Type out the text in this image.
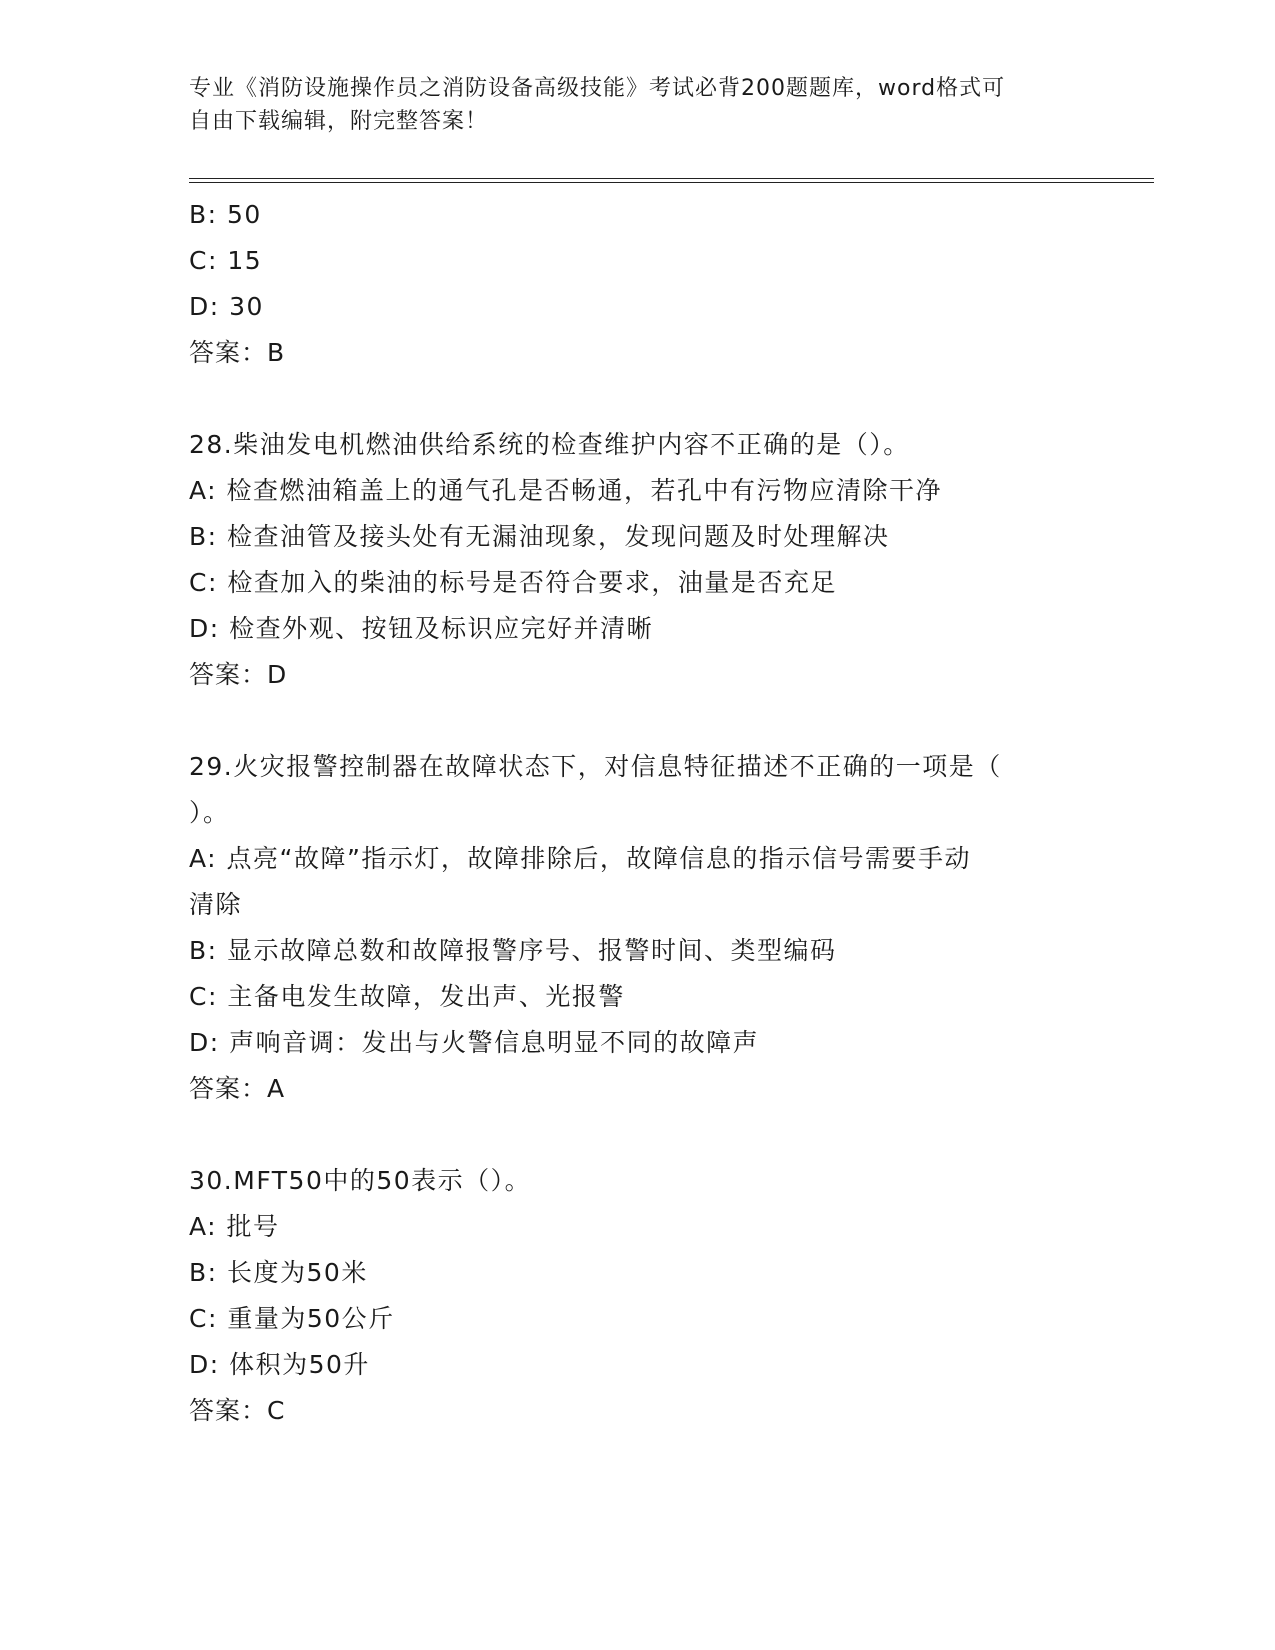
专业《消防设施操作员之消防设备高级技能》考试必背200题题库，word格式可
自由下载编辑，附完整答案！
B: 50
C: 15
D: 30
答案：B
28.柴油发电机燃油供给系统的检查维护内容不正确的是（）。
A: 检查燃油箱盖上的通气孔是否畅通，若孔中有污物应清除干净
B: 检查油管及接头处有无漏油现象，发现问题及时处理解决
C: 检查加入的柴油的标号是否符合要求，油量是否充足
D: 检查外观、按钮及标识应完好并清晰
答案：D
29.火灾报警控制器在故障状态下，对信息特征描述不正确的一项是（
）。
A: 点亮“故障”指示灯，故障排除后，故障信息的指示信号需要手动
清除
B: 显示故障总数和故障报警序号、报警时间、类型编码
C: 主备电发生故障，发出声、光报警
D: 声响音调：发出与火警信息明显不同的故障声
答案：A
30.MFT50中的50表示（）。
A: 批号
B: 长度为50米
C: 重量为50公斤
D: 体积为50升
答案：C
